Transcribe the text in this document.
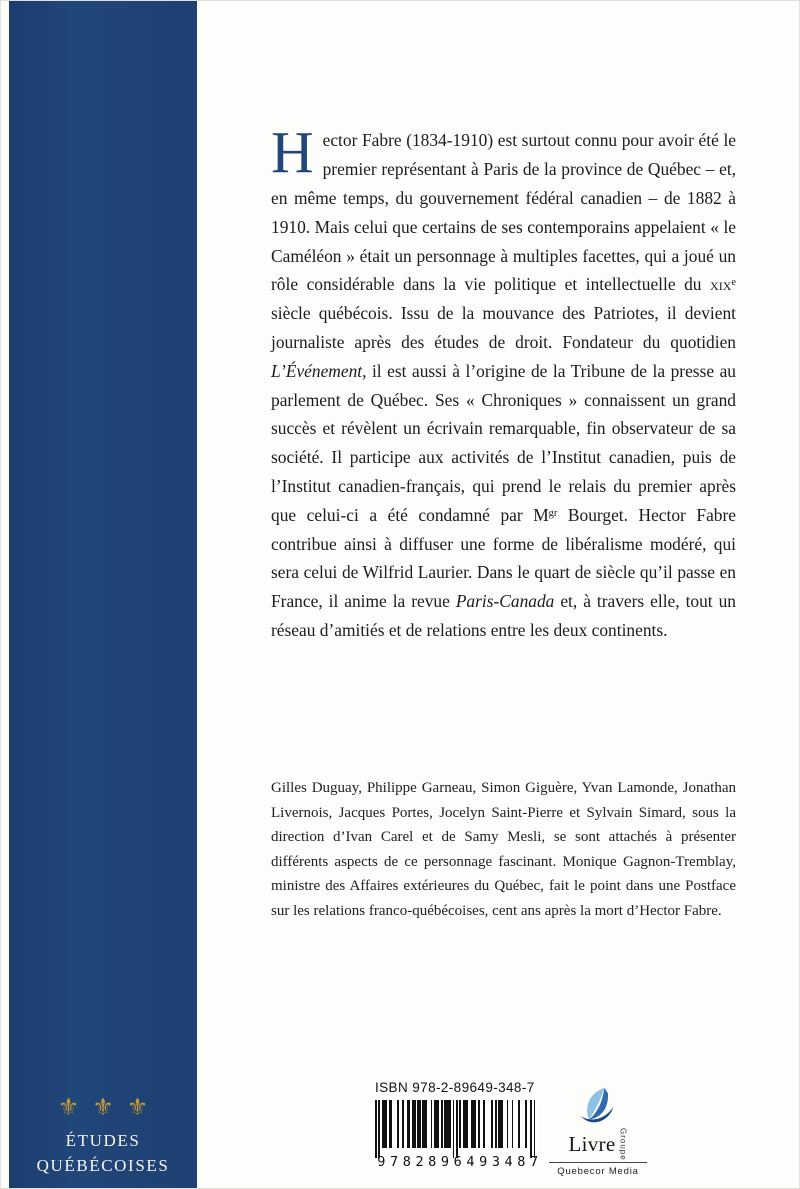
⚜ ⚜ ⚜
ÉTUDES
QUÉBÉCOISES

Hector Fabre (1834-1910) est surtout connu pour avoir été le premier représentant à Paris de la province de Québec – et, en même temps, du gouvernement fédéral canadien – de 1882 à 1910. Mais celui que certains de ses contemporains appelaient « le Caméléon » était un personnage à multiples facettes, qui a joué un rôle considérable dans la vie politique et intellectuelle du xix$^e$ siècle québécois. Issu de la mouvance des Patriotes, il devient journaliste après des études de droit. Fondateur du quotidien L’Événement, il est aussi à l’origine de la Tribune de la presse au parlement de Québec. Ses « Chroniques » connaissent un grand succès et révèlent un écrivain remarquable, fin observateur de sa société. Il participe aux activités de l’Institut canadien, puis de l’Institut canadien-français, qui prend le relais du premier après que celui-ci a été condamné par $M^{gr}$ Bourget. Hector Fabre contribue ainsi à diffuser une forme de libéralisme modéré, qui sera celui de Wilfrid Laurier. Dans le quart de siècle qu’il passe en France, il anime la revue Paris-Canada et, à travers elle, tout un réseau d’amitiés et de relations entre les deux continents.

Gilles Duguay, Philippe Garneau, Simon Giguère, Yvan Lamonde, Jonathan Livernois, Jacques Portes, Jocelyn Saint-Pierre et Sylvain Simard, sous la direction d’Ivan Carel et de Samy Mesli, se sont attachés à présenter différents aspects de ce personnage fascinant. Monique Gagnon-Tremblay, ministre des Affaires extérieures du Québec, fait le point dans une Postface sur les relations franco-québécoises, cent ans après la mort d’Hector Fabre.

ISBN 978-2-89649-348-7
9782896493487
Livre Groupe
Quebecor Media
